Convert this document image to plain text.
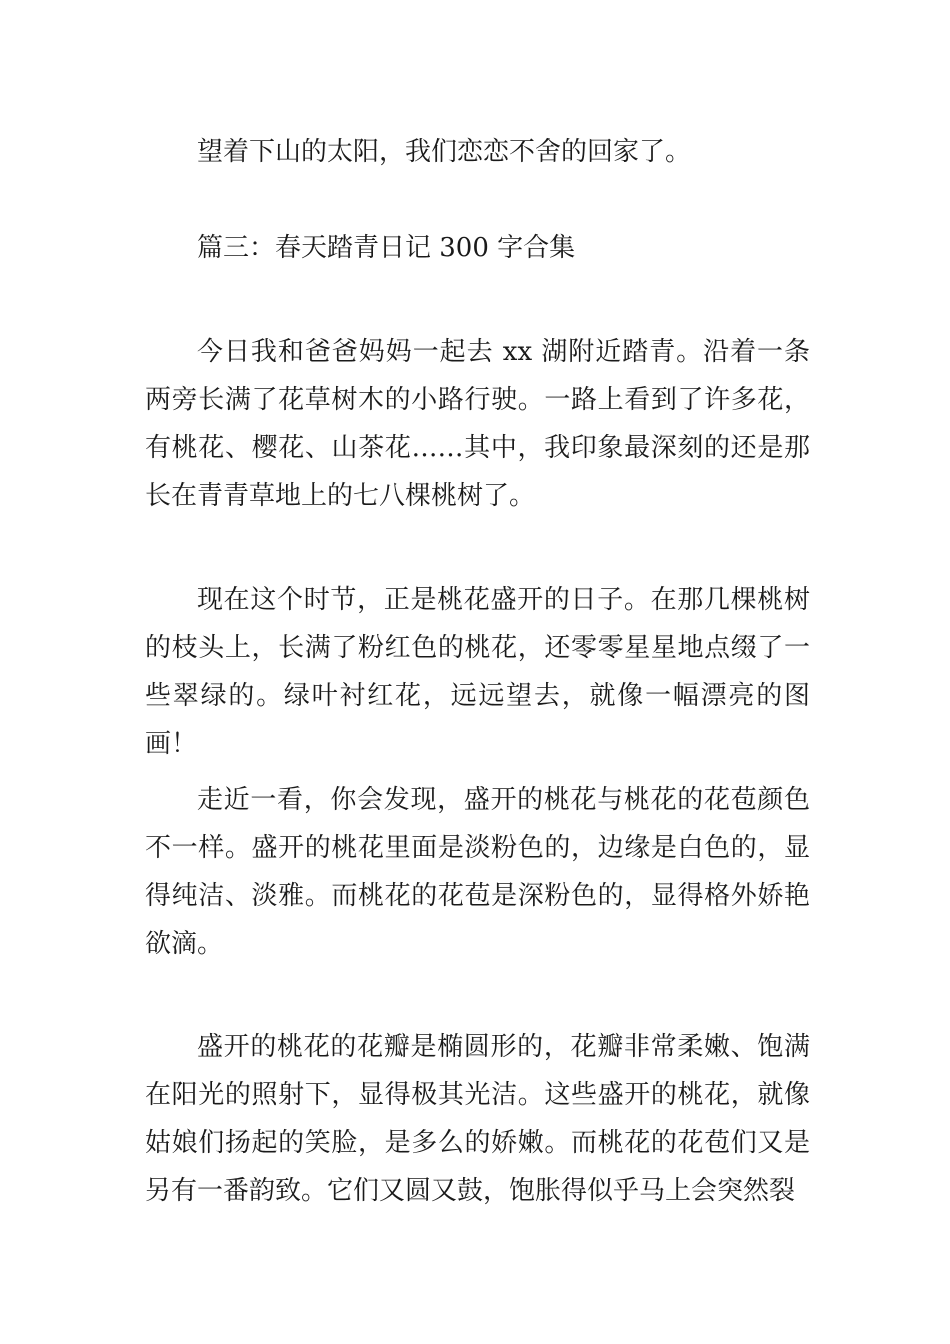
望着下山的太阳，我们恋恋不舍的回家了。

篇三：春天踏青日记 300 字合集

今日我和爸爸妈妈一起去 xx 湖附近踏青。沿着一条两旁长满了花草树木的小路行驶。一路上看到了许多花，有桃花、樱花、山茶花……其中，我印象最深刻的还是那长在青青草地上的七八棵桃树了。

现在这个时节，正是桃花盛开的日子。在那几棵桃树的枝头上，长满了粉红色的桃花，还零零星星地点缀了一些翠绿的。绿叶衬红花，远远望去，就像一幅漂亮的图画！

走近一看，你会发现，盛开的桃花与桃花的花苞颜色不一样。盛开的桃花里面是淡粉色的，边缘是白色的，显得纯洁、淡雅。而桃花的花苞是深粉色的，显得格外娇艳欲滴。

盛开的桃花的花瓣是椭圆形的，花瓣非常柔嫩、饱满在阳光的照射下，显得极其光洁。这些盛开的桃花，就像姑娘们扬起的笑脸，是多么的娇嫩。而桃花的花苞们又是另有一番韵致。它们又圆又鼓，饱胀得似乎马上会突然裂
